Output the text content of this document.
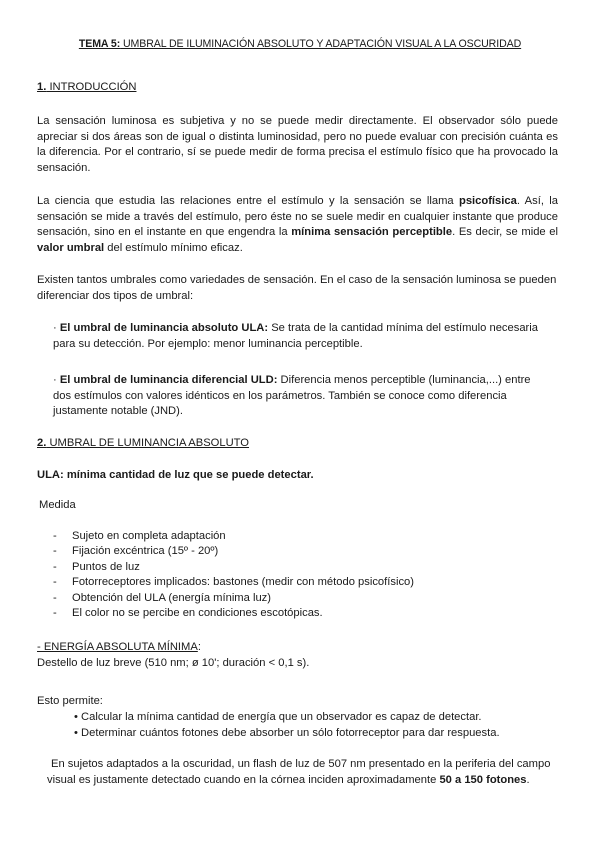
TEMA 5: UMBRAL DE ILUMINACIÓN ABSOLUTO Y ADAPTACIÓN VISUAL A LA OSCURIDAD
1. INTRODUCCIÓN
La sensación luminosa es subjetiva y no se puede medir directamente. El observador sólo puede apreciar si dos áreas son de igual o distinta luminosidad, pero no puede evaluar con precisión cuánta es la diferencia. Por el contrario, sí se puede medir de forma precisa el estímulo físico que ha provocado la sensación.
La ciencia que estudia las relaciones entre el estímulo y la sensación se llama psicofísica. Así, la sensación se mide a través del estímulo, pero éste no se suele medir en cualquier instante que produce sensación, sino en el instante en que engendra la mínima sensación perceptible. Es decir, se mide el valor umbral del estímulo mínimo eficaz.
Existen tantos umbrales como variedades de sensación. En el caso de la sensación luminosa se pueden diferenciar dos tipos de umbral:
· El umbral de luminancia absoluto ULA: Se trata de la cantidad mínima del estímulo necesaria para su detección. Por ejemplo: menor luminancia perceptible.
· El umbral de luminancia diferencial ULD: Diferencia menos perceptible (luminancia,...) entre dos estímulos con valores idénticos en los parámetros. También se conoce como diferencia justamente notable (JND).
2. UMBRAL DE LUMINANCIA ABSOLUTO
ULA: mínima cantidad de luz que se puede detectar.
Medida
-	Sujeto en completa adaptación
-	Fijación excéntrica (15º - 20º)
-	Puntos de luz
-	Fotorreceptores implicados: bastones (medir con método psicofísico)
-	Obtención del ULA (energía mínima luz)
-	El color no se percibe en condiciones escotópicas.
- ENERGÍA ABSOLUTA MÍNIMA:
Destello de luz breve (510 nm; ø 10'; duración < 0,1 s).
Esto permite:
• Calcular la mínima cantidad de energía que un observador es capaz de detectar.
• Determinar cuántos fotones debe absorber un sólo fotorreceptor para dar respuesta.
En sujetos adaptados a la oscuridad, un flash de luz de 507 nm presentado en la periferia del campo visual es justamente detectado cuando en la córnea inciden aproximadamente 50 a 150 fotones.
